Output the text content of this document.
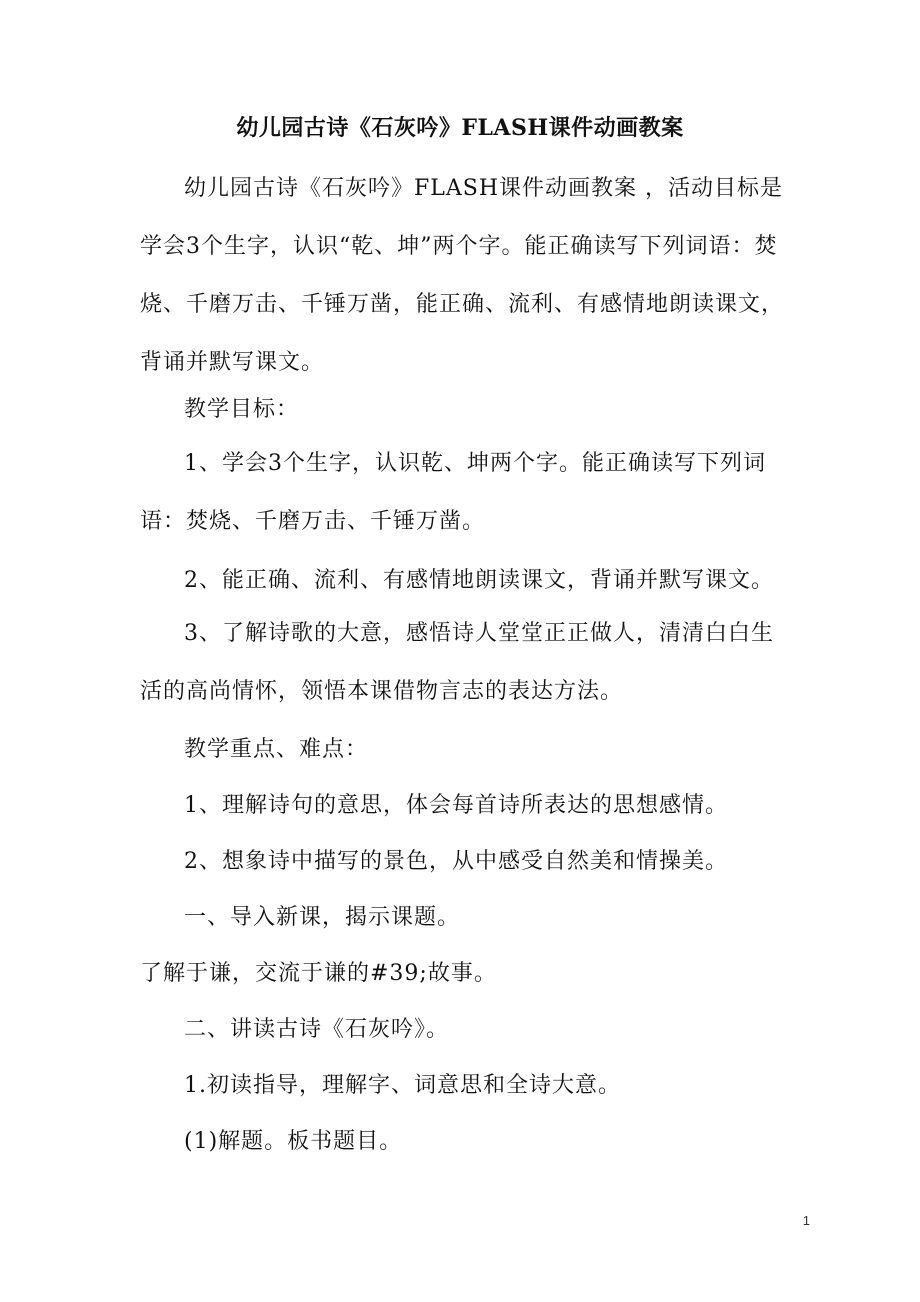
幼儿园古诗《石灰吟》FLASH课件动画教案

幼儿园古诗《石灰吟》FLASH课件动画教案 ，活动目标是学会3个生字，认识“乾、坤”两个字。能正确读写下列词语：焚烧、千磨万击、千锤万凿，能正确、流利、有感情地朗读课文，背诵并默写课文。

教学目标：

1、学会3个生字，认识乾、坤两个字。能正确读写下列词语：焚烧、千磨万击、千锤万凿。

2、能正确、流利、有感情地朗读课文，背诵并默写课文。

3、了解诗歌的大意，感悟诗人堂堂正正做人，清清白白生活的高尚情怀，领悟本课借物言志的表达方法。

教学重点、难点：
1、理解诗句的意思，体会每首诗所表达的思想感情。
2、想象诗中描写的景色，从中感受自然美和情操美。
一、导入新课，揭示课题。
了解于谦，交流于谦的#39;故事。
二、讲读古诗《石灰吟》。
1.初读指导，理解字、词意思和全诗大意。
(1)解题。板书题目。
1
